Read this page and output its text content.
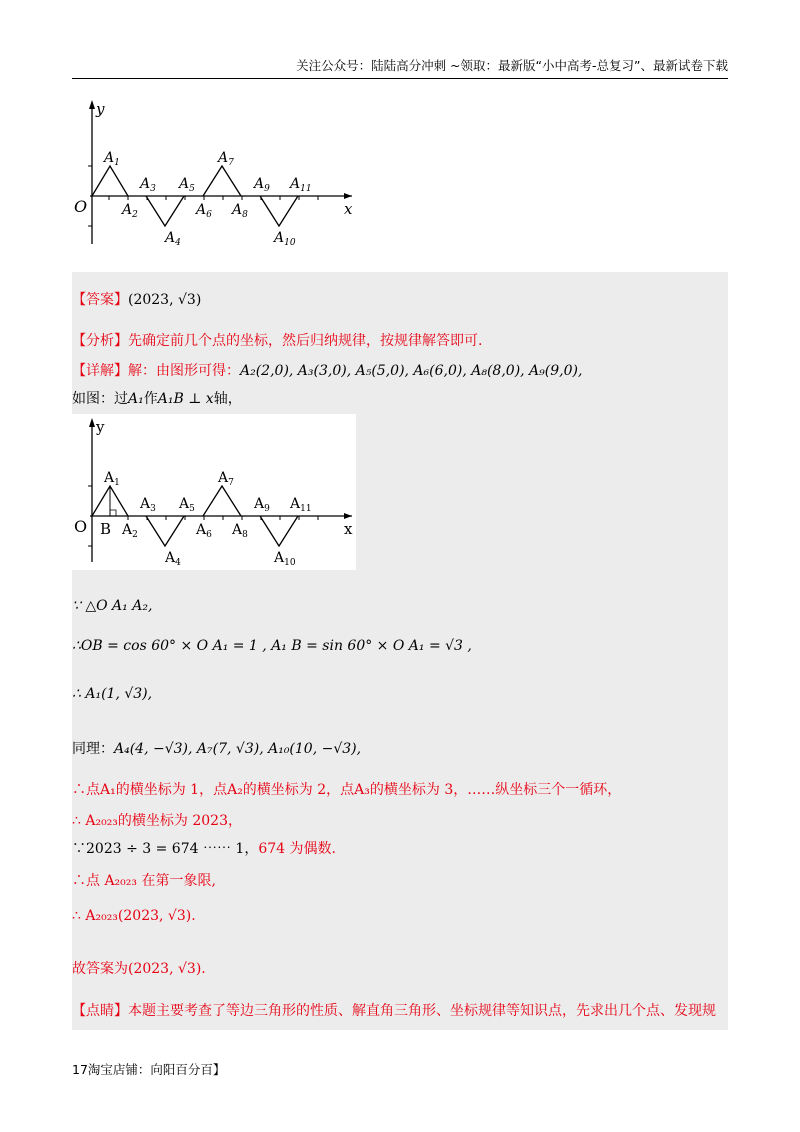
关注公众号：陆陆高分冲刺 ~领取：最新版“小中高考-总复习”、最新试卷下载
y
x
O
$A_1$
$A_2$
$A_3$
$A_4$
$A_5$
$A_6$
$A_7$
$A_8$
$A_9$
$A_{10}$
$A_{11}$
【答案】(2023, √3)
【分析】先确定前几个点的坐标，然后归纳规律，按规律解答即可.
【详解】解：由图形可得：A₂(2,0), A₃(3,0), A₅(5,0), A₆(6,0), A₈(8,0), A₉(9,0),
如图：过A₁作A₁B ⊥ x轴，
y
x
O B
$A_1$
$A_2$
$A_3$
$A_4$
$A_5$
$A_6$
$A_7$
$A_8$
$A_9$
$A_{10}$
$A_{11}$
∵ △O A₁ A₂,
∴OB = cos 60° × O A₁ = 1 , A₁ B = sin 60° × O A₁ = √3 ,
∴ A₁(1, √3),
同理：A₄(4, −√3), A₇(7, √3), A₁₀(10, −√3),
∴点A₁的横坐标为 1，点A₂的横坐标为 2，点A₃的横坐标为 3，……纵坐标三个一循环，
∴ A₂₀₂₃的横坐标为 2023，
∵2023 ÷ 3 = 674 ⋯⋯ 1，674 为偶数.
∴点 A₂₀₂₃ 在第一象限,
∴ A₂₀₂₃(2023, √3).
故答案为(2023, √3).
【点睛】本题主要考查了等边三角形的性质、解直角三角形、坐标规律等知识点，先求出几个点、发现规
17淘宝店铺：向阳百分百】
